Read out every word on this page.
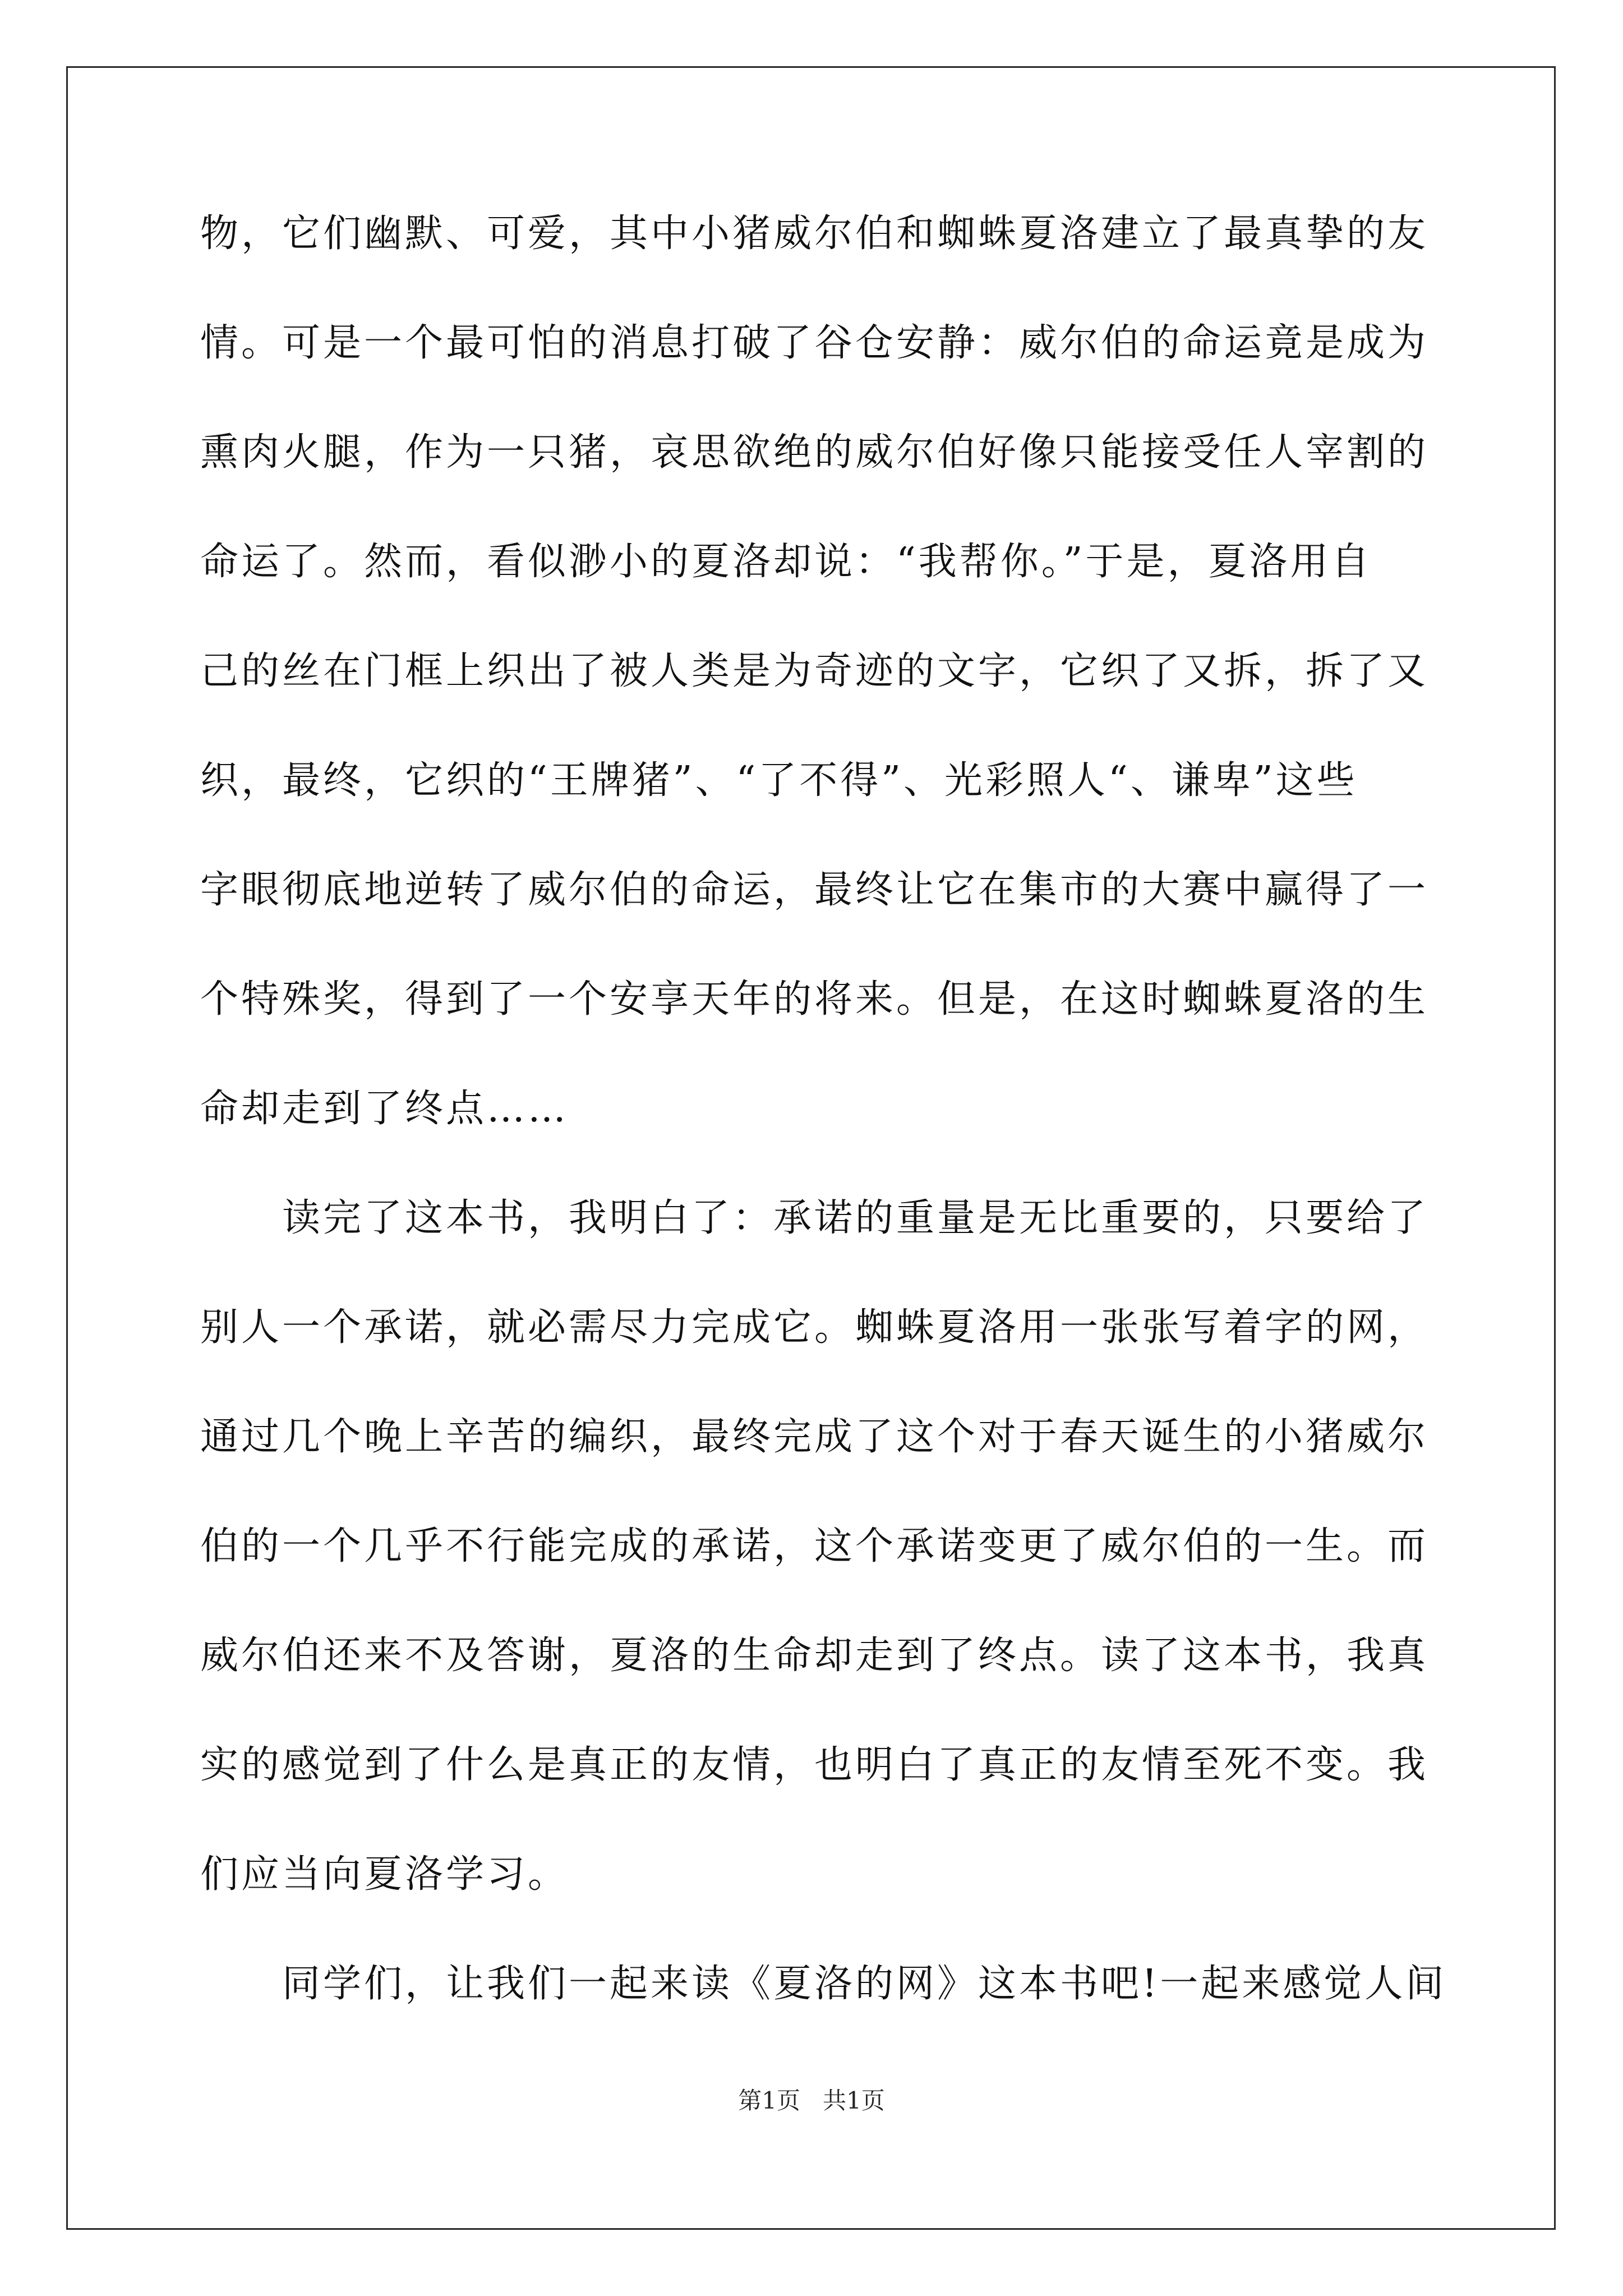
物，它们幽默、可爱，其中小猪威尔伯和蜘蛛夏洛建立了最真挚的友
情。可是一个最可怕的消息打破了谷仓安静：威尔伯的命运竟是成为
熏肉火腿，作为一只猪，哀思欲绝的威尔伯好像只能接受任人宰割的
命运了。然而，看似渺小的夏洛却说：“我帮你。”于是，夏洛用自
己的丝在门框上织出了被人类是为奇迹的文字，它织了又拆，拆了又
织，最终，它织的“王牌猪”、“了不得”、光彩照人“、谦卑”这些
字眼彻底地逆转了威尔伯的命运，最终让它在集市的大赛中赢得了一
个特殊奖，得到了一个安享天年的将来。但是，在这时蜘蛛夏洛的生
命却走到了终点……
　　读完了这本书，我明白了：承诺的重量是无比重要的，只要给了
别人一个承诺，就必需尽力完成它。蜘蛛夏洛用一张张写着字的网，
通过几个晚上辛苦的编织，最终完成了这个对于春天诞生的小猪威尔
伯的一个几乎不行能完成的承诺，这个承诺变更了威尔伯的一生。而
威尔伯还来不及答谢，夏洛的生命却走到了终点。读了这本书，我真
实的感觉到了什么是真正的友情，也明白了真正的友情至死不变。我
们应当向夏洛学习。
　　同学们，让我们一起来读《夏洛的网》这本书吧!一起来感觉人间
第1页   共1页
